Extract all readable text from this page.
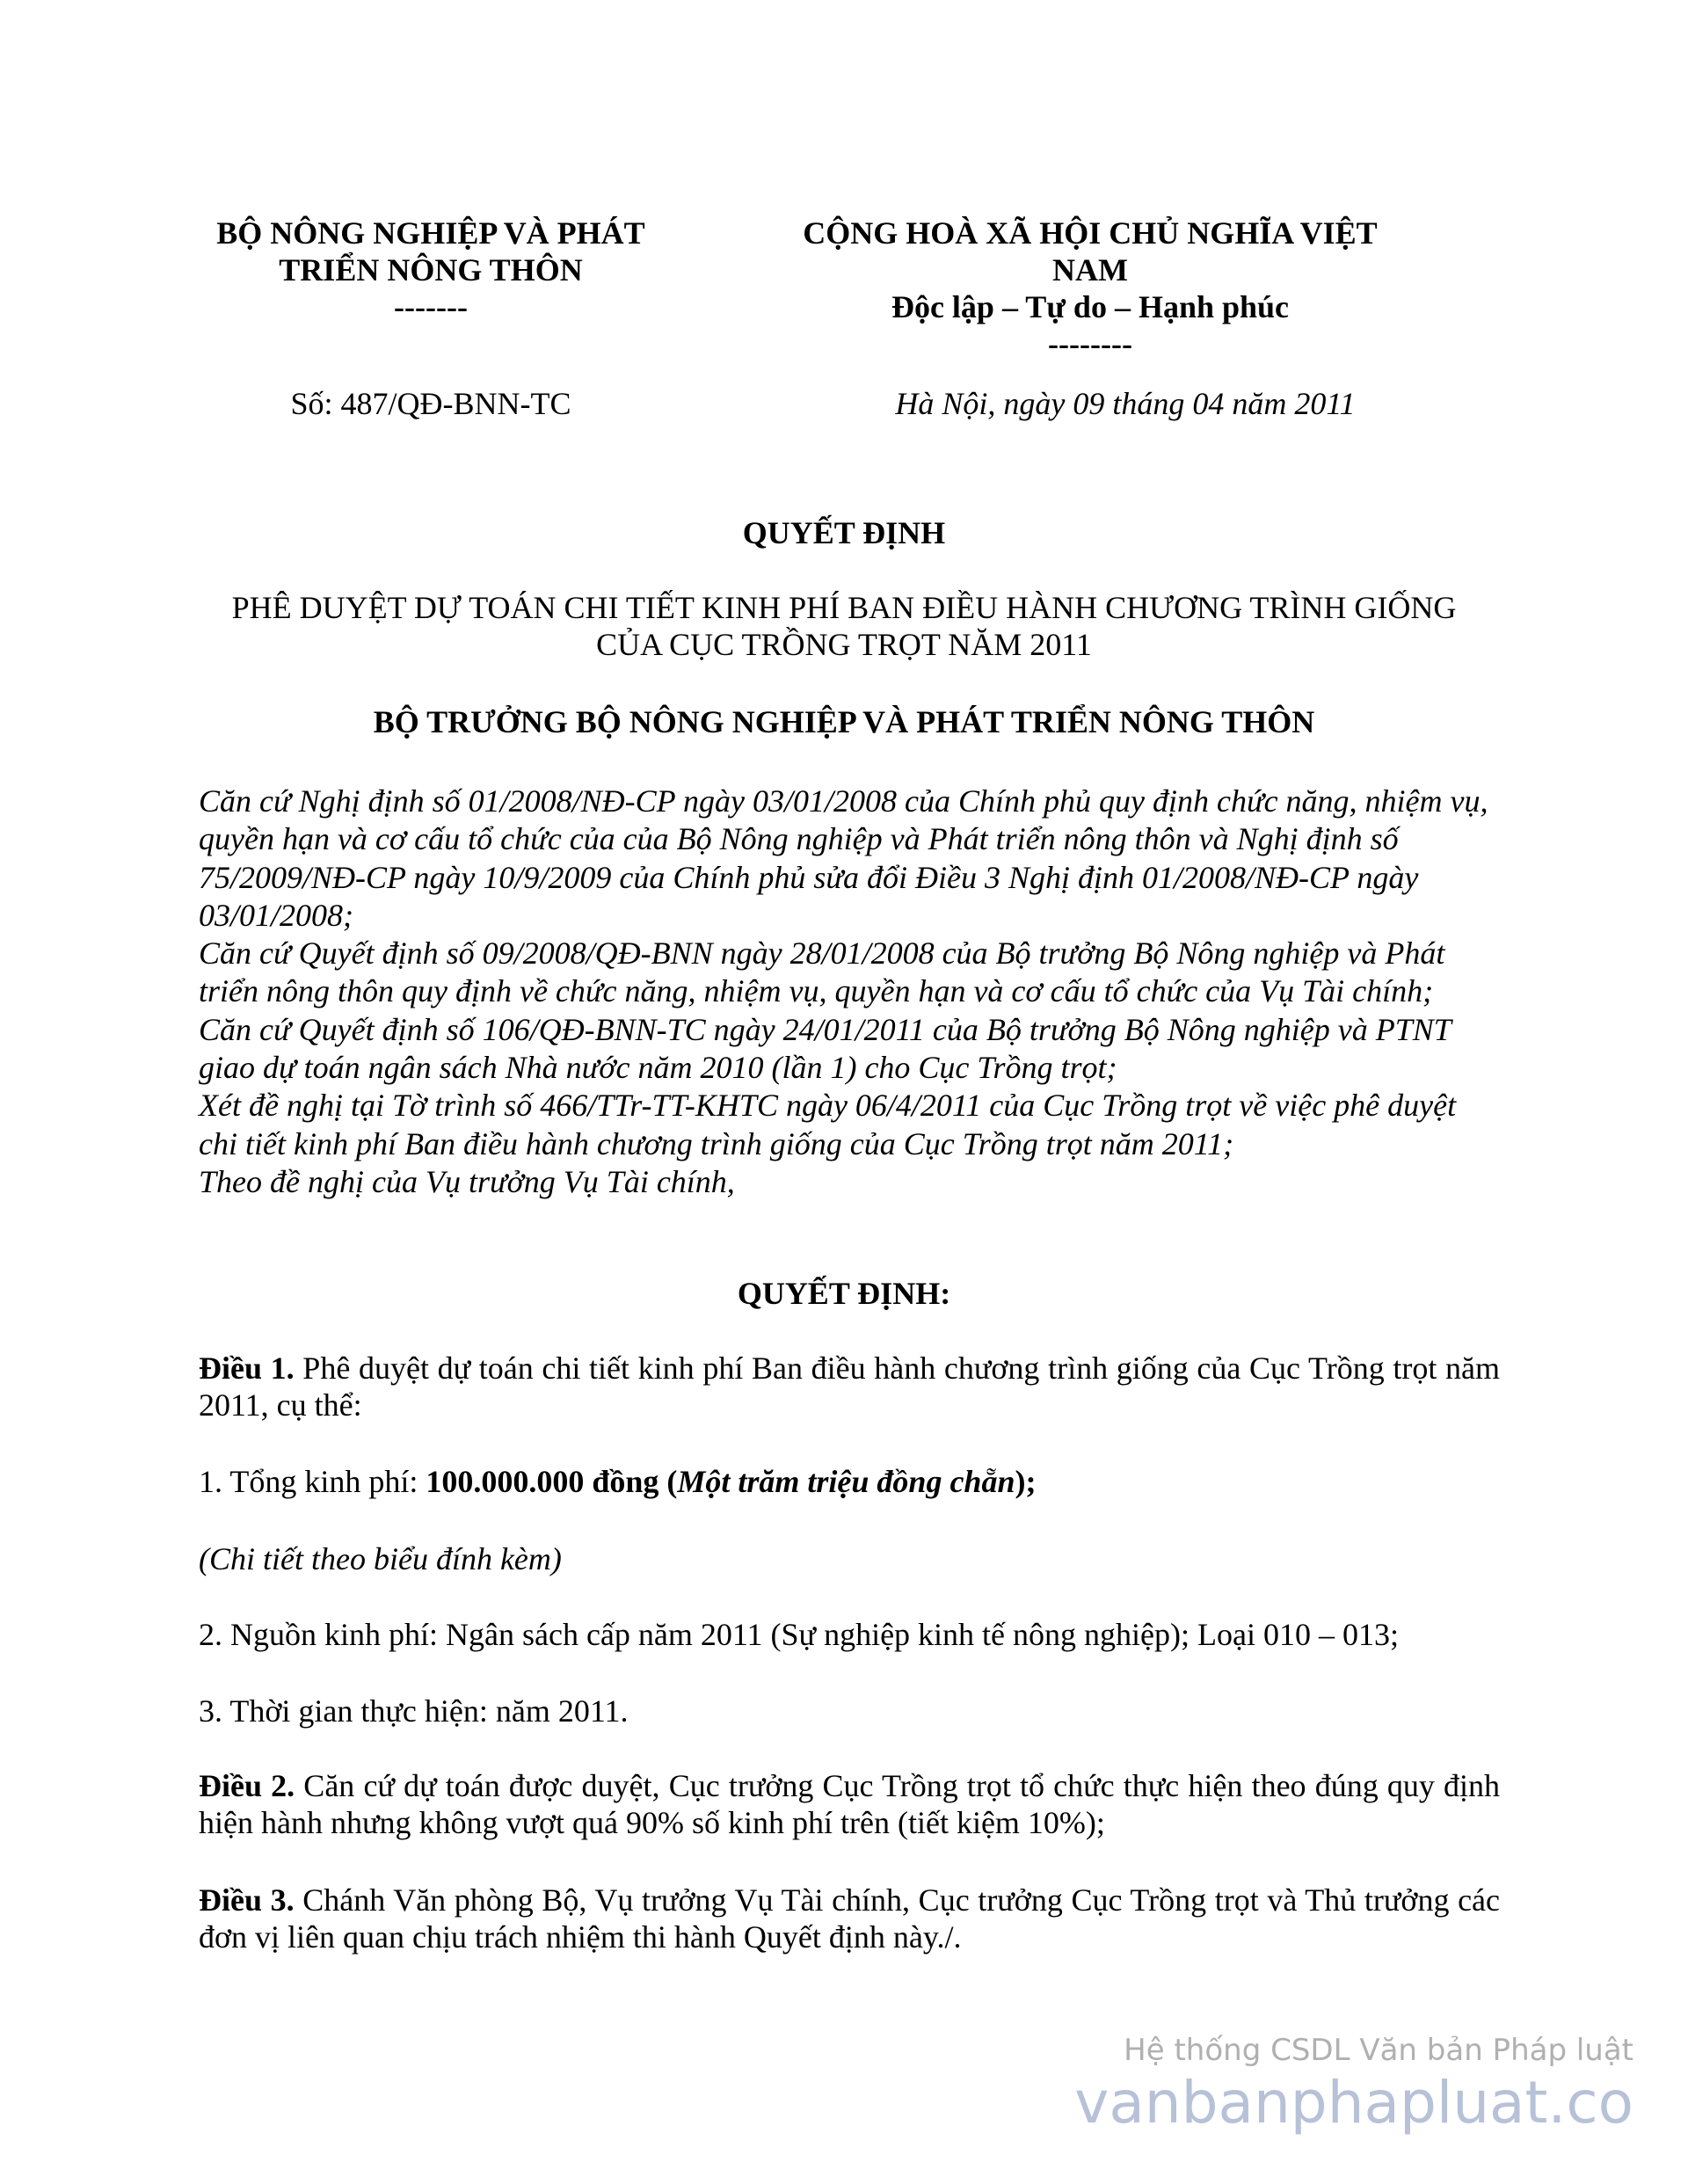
BỘ NÔNG NGHIỆP VÀ PHÁT
TRIỂN NÔNG THÔN
-------
CỘNG HOÀ XÃ HỘI CHỦ NGHĨA VIỆT
NAM
Độc lập – Tự do – Hạnh phúc
--------
Số: 487/QĐ-BNN-TC	Hà Nội, ngày 09 tháng 04 năm 2011
QUYẾT ĐỊNH
PHÊ DUYỆT DỰ TOÁN CHI TIẾT KINH PHÍ BAN ĐIỀU HÀNH CHƯƠNG TRÌNH GIỐNG
CỦA CỤC TRỒNG TRỌT NĂM 2011
BỘ TRƯỞNG BỘ NÔNG NGHIỆP VÀ PHÁT TRIỂN NÔNG THÔN

Căn cứ Nghị định số 01/2008/NĐ-CP ngày 03/01/2008 của Chính phủ quy định chức năng, nhiệm vụ, quyền hạn và cơ cấu tổ chức của của Bộ Nông nghiệp và Phát triển nông thôn và Nghị định số 75/2009/NĐ-CP ngày 10/9/2009 của Chính phủ sửa đổi Điều 3 Nghị định 01/2008/NĐ-CP ngày 03/01/2008;

Căn cứ Quyết định số 09/2008/QĐ-BNN ngày 28/01/2008 của Bộ trưởng Bộ Nông nghiệp và Phát triển nông thôn quy định về chức năng, nhiệm vụ, quyền hạn và cơ cấu tổ chức của Vụ Tài chính;

Căn cứ Quyết định số 106/QĐ-BNN-TC ngày 24/01/2011 của Bộ trưởng Bộ Nông nghiệp và PTNT giao dự toán ngân sách Nhà nước năm 2010 (lần 1) cho Cục Trồng trọt;

Xét đề nghị tại Tờ trình số 466/TTr-TT-KHTC ngày 06/4/2011 của Cục Trồng trọt về việc phê duyệt chi tiết kinh phí Ban điều hành chương trình giống của Cục Trồng trọt năm 2011;

Theo đề nghị của Vụ trưởng Vụ Tài chính,

QUYẾT ĐỊNH:

Điều 1. Phê duyệt dự toán chi tiết kinh phí Ban điều hành chương trình giống của Cục Trồng trọt năm 2011, cụ thể:

1. Tổng kinh phí: 100.000.000 đồng (Một trăm triệu đồng chẵn);

(Chi tiết theo biểu đính kèm)

2. Nguồn kinh phí: Ngân sách cấp năm 2011 (Sự nghiệp kinh tế nông nghiệp); Loại 010 – 013;

3. Thời gian thực hiện: năm 2011.

Điều 2. Căn cứ dự toán được duyệt, Cục trưởng Cục Trồng trọt tổ chức thực hiện theo đúng quy định hiện hành nhưng không vượt quá 90% số kinh phí trên (tiết kiệm 10%);

Điều 3. Chánh Văn phòng Bộ, Vụ trưởng Vụ Tài chính, Cục trưởng Cục Trồng trọt và Thủ trưởng các đơn vị liên quan chịu trách nhiệm thi hành Quyết định này./.

Hệ thống CSDL Văn bản Pháp luật
vanbanphapluat.co
